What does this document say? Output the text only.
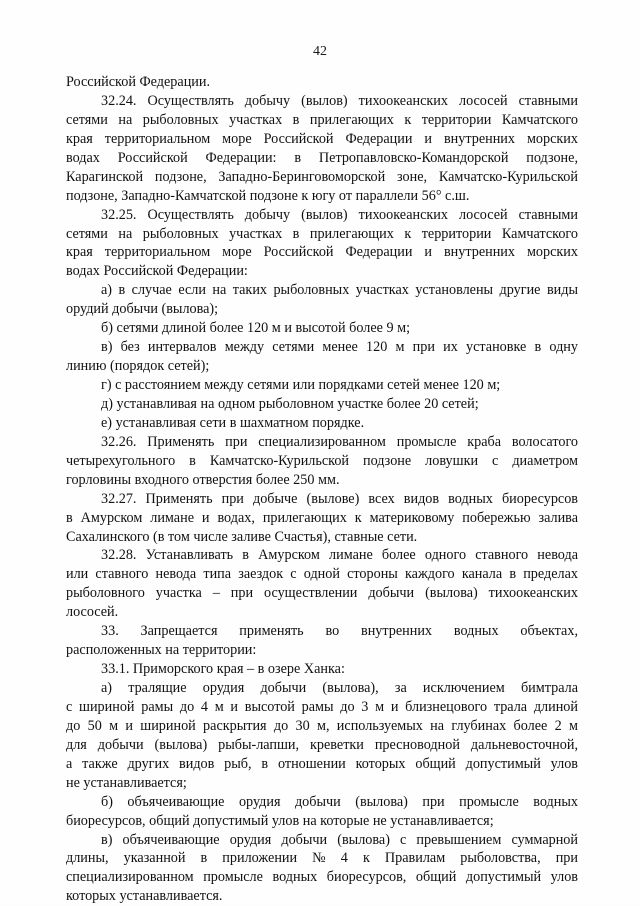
42
Российской Федерации.
32.24. Осуществлять добычу (вылов) тихоокеанских лососей ставными
сетями на рыболовных участках в прилегающих к территории Камчатского
края территориальном море Российской Федерации и внутренних морских
водах Российской Федерации: в Петропавловско-Командорской подзоне,
Карагинской подзоне, Западно-Беринговоморской зоне, Камчатско-Курильской
подзоне, Западно-Камчатской подзоне к югу от параллели 56° с.ш.
32.25. Осуществлять добычу (вылов) тихоокеанских лососей ставными
сетями на рыболовных участках в прилегающих к территории Камчатского
края территориальном море Российской Федерации и внутренних морских
водах Российской Федерации:
а) в случае если на таких рыболовных участках установлены другие виды
орудий добычи (вылова);
б) сетями длиной более 120 м и высотой более 9 м;
в) без интервалов между сетями менее 120 м при их установке в одну
линию (порядок сетей);
г) с расстоянием между сетями или порядками сетей менее 120 м;
д) устанавливая на одном рыболовном участке более 20 сетей;
е) устанавливая сети в шахматном порядке.
32.26. Применять при специализированном промысле краба волосатого
четырехугольного в Камчатско-Курильской подзоне ловушки с диаметром
горловины входного отверстия более 250 мм.
32.27. Применять при добыче (вылове) всех видов водных биоресурсов
в Амурском лимане и водах, прилегающих к материковому побережью залива
Сахалинского (в том числе заливе Счастья), ставные сети.
32.28. Устанавливать в Амурском лимане более одного ставного невода
или ставного невода типа заездок с одной стороны каждого канала в пределах
рыболовного участка – при осуществлении добычи (вылова) тихоокеанских
лососей.
33. Запрещается применять во внутренних водных объектах,
расположенных на территории:
33.1. Приморского края – в озере Ханка:
а) тралящие орудия добычи (вылова), за исключением бимтрала
с шириной рамы до 4 м и высотой рамы до 3 м и близнецового трала длиной
до 50 м и шириной раскрытия до 30 м, используемых на глубинах более 2 м
для добычи (вылова) рыбы-лапши, креветки пресноводной дальневосточной,
а также других видов рыб, в отношении которых общий допустимый улов
не устанавливается;
б) объячеивающие орудия добычи (вылова) при промысле водных
биоресурсов, общий допустимый улов на которые не устанавливается;
в) объячеивающие орудия добычи (вылова) с превышением суммарной
длины, указанной в приложении № 4 к Правилам рыболовства, при
специализированном промысле водных биоресурсов, общий допустимый улов
которых устанавливается.
